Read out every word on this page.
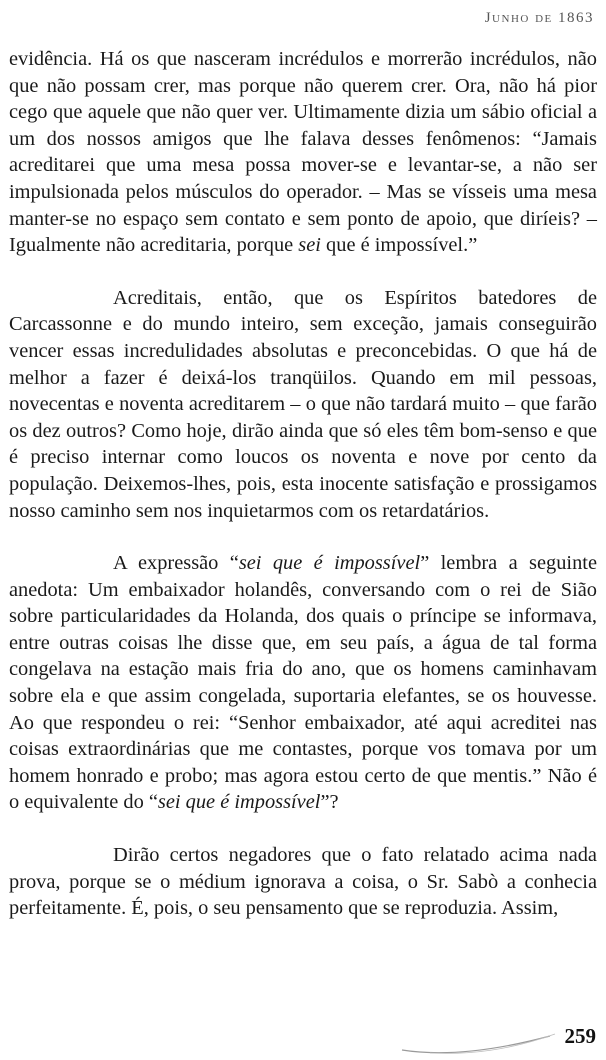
Junho de 1863

evidência. Há os que nasceram incrédulos e morrerão incrédulos, não que não possam crer, mas porque não querem crer. Ora, não há pior cego que aquele que não quer ver. Ultimamente dizia um sábio oficial a um dos nossos amigos que lhe falava desses fenômenos: “Jamais acreditarei que uma mesa possa mover-se e levantar-se, a não ser impulsionada pelos músculos do operador. – Mas se vísseis uma mesa manter-se no espaço sem contato e sem ponto de apoio, que diríeis? – Igualmente não acreditaria, porque sei que é impossível.”

Acreditais, então, que os Espíritos batedores de Carcassonne e do mundo inteiro, sem exceção, jamais conseguirão vencer essas incredulidades absolutas e preconcebidas. O que há de melhor a fazer é deixá-los tranqüilos. Quando em mil pessoas, novecentas e noventa acreditarem – o que não tardará muito – que farão os dez outros? Como hoje, dirão ainda que só eles têm bom-senso e que é preciso internar como loucos os noventa e nove por cento da população. Deixemos-lhes, pois, esta inocente satisfação e prossigamos nosso caminho sem nos inquietarmos com os retardatários.

A expressão “sei que é impossível” lembra a seguinte anedota: Um embaixador holandês, conversando com o rei de Sião sobre particularidades da Holanda, dos quais o príncipe se informava, entre outras coisas lhe disse que, em seu país, a água de tal forma congelava na estação mais fria do ano, que os homens caminhavam sobre ela e que assim congelada, suportaria elefantes, se os houvesse. Ao que respondeu o rei: “Senhor embaixador, até aqui acreditei nas coisas extraordinárias que me contastes, porque vos tomava por um homem honrado e probo; mas agora estou certo de que mentis.” Não é o equivalente do “sei que é impossível”?

Dirão certos negadores que o fato relatado acima nada prova, porque se o médium ignorava a coisa, o Sr. Sabò a conhecia perfeitamente. É, pois, o seu pensamento que se reproduzia. Assim,

259
